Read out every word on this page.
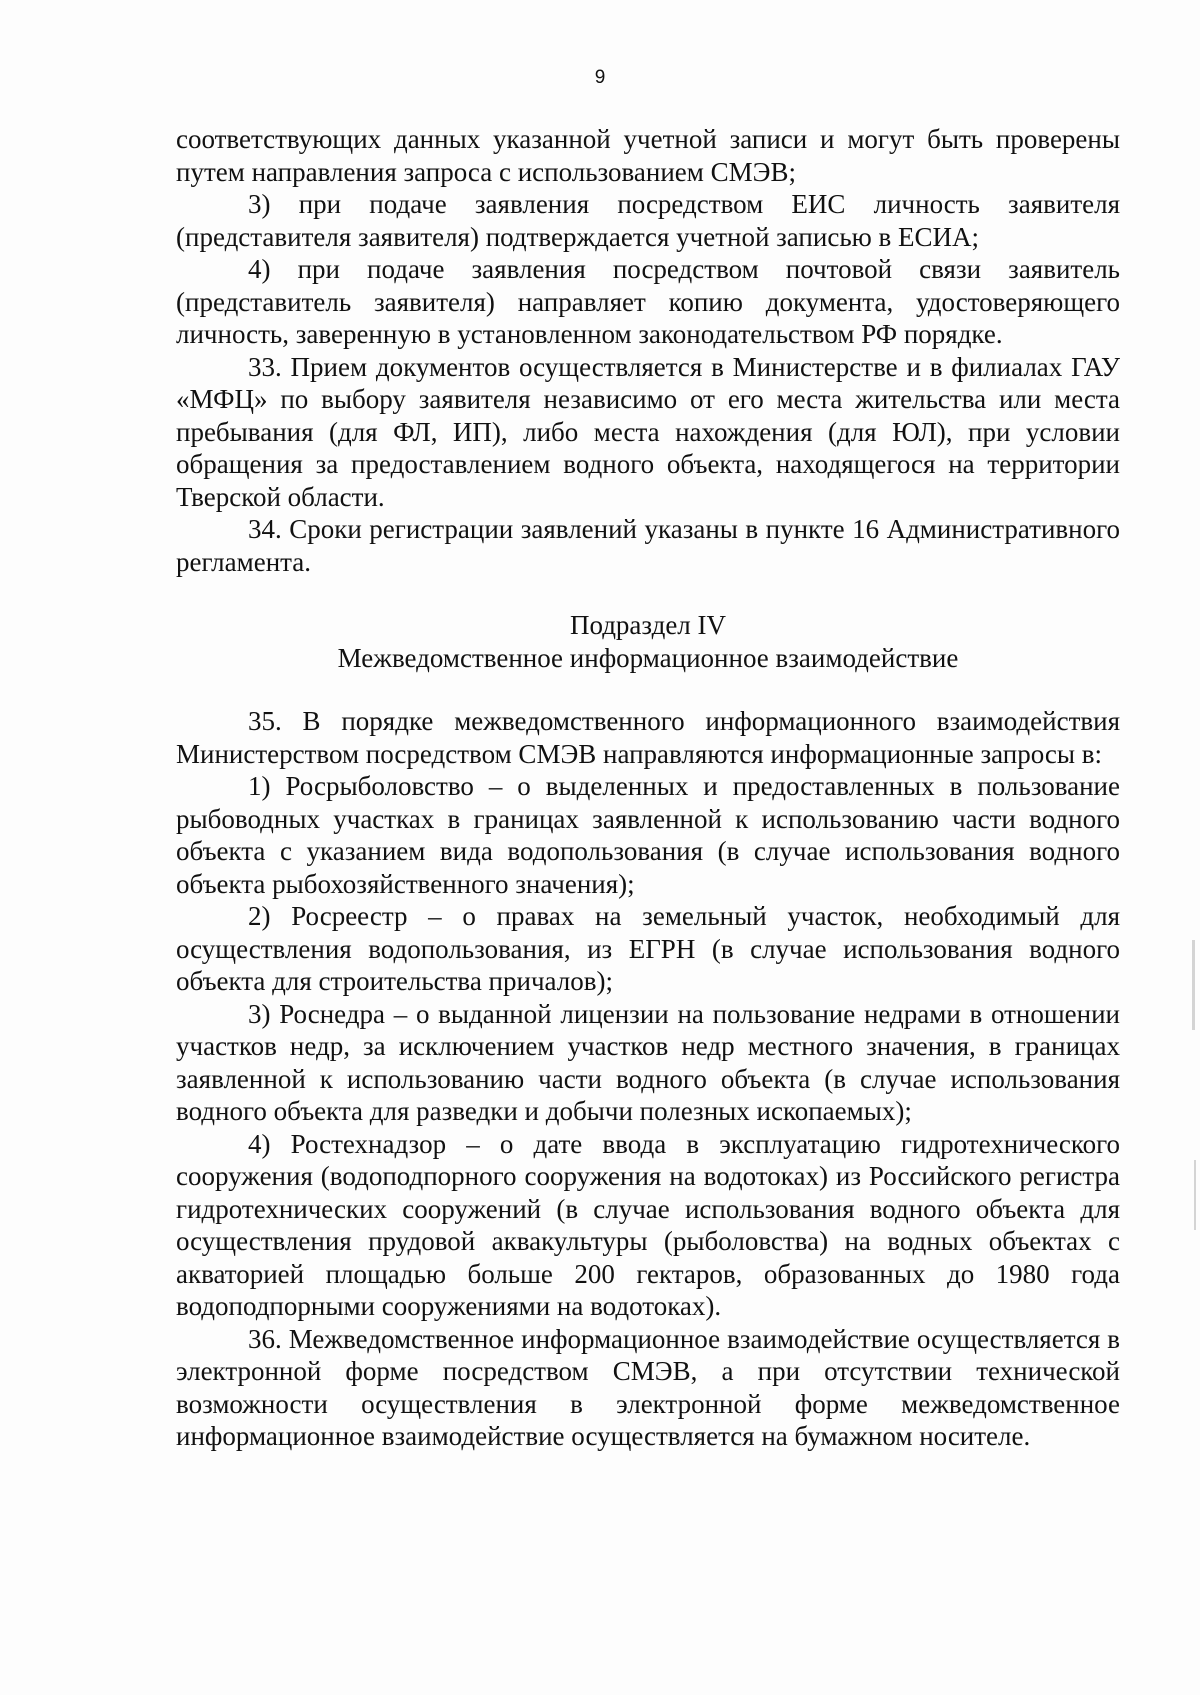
9

соответствующих данных указанной учетной записи и могут быть проверены путем направления запроса с использованием СМЭВ;

3) при подаче заявления посредством ЕИС личность заявителя (представителя заявителя) подтверждается учетной записью в ЕСИА;

4) при подаче заявления посредством почтовой связи заявитель (представитель заявителя) направляет копию документа, удостоверяющего личность, заверенную в установленном законодательством РФ порядке.

33. Прием документов осуществляется в Министерстве и в филиалах ГАУ «МФЦ» по выбору заявителя независимо от его места жительства или места пребывания (для ФЛ, ИП), либо места нахождения (для ЮЛ), при условии обращения за предоставлением водного объекта, находящегося на территории Тверской области.

34. Сроки регистрации заявлений указаны в пункте 16 Административного регламента.

Подраздел IV

Межведомственное информационное взаимодействие

35. В порядке межведомственного информационного взаимодействия Министерством посредством СМЭВ направляются информационные запросы в:

1) Росрыболовство – о выделенных и предоставленных в пользование рыбоводных участках в границах заявленной к использованию части водного объекта с указанием вида водопользования (в случае использования водного объекта рыбохозяйственного значения);

2) Росреестр – о правах на земельный участок, необходимый для осуществления водопользования, из ЕГРН (в случае использования водного объекта для строительства причалов);

3) Роснедра – о выданной лицензии на пользование недрами в отношении участков недр, за исключением участков недр местного значения, в границах заявленной к использованию части водного объекта (в случае использования водного объекта для разведки и добычи полезных ископаемых);

4) Ростехнадзор – о дате ввода в эксплуатацию гидротехнического сооружения (водоподпорного сооружения на водотоках) из Российского регистра гидротехнических сооружений (в случае использования водного объекта для осуществления прудовой аквакультуры (рыболовства) на водных объектах с акваторией площадью больше 200 гектаров, образованных до 1980 года водоподпорными сооружениями на водотоках).

36. Межведомственное информационное взаимодействие осуществляется в электронной форме посредством СМЭВ, а при отсутствии технической возможности осуществления в электронной форме межведомственное информационное взаимодействие осуществляется на бумажном носителе.
